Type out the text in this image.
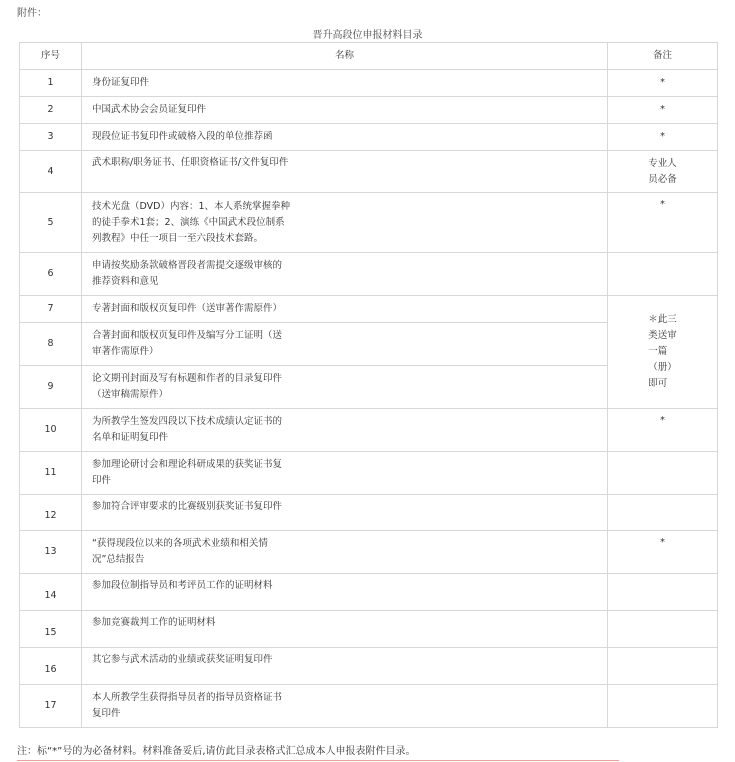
附件：
晋升高段位申报材料目录
序号	名称	备注
1	身份证复印件	*
2	中国武术协会会员证复印件	*
3	现段位证书复印件或破格入段的单位推荐函	*
4	武术职称/职务证书、任职资格证书/文件复印件	专业人
员必备
5	技术光盘（DVD）内容：1、本人系统掌握拳种
的徒手拳术1套；2、演练《中国武术段位制系
列教程》中任一项目一至六段技术套路。	*
6	申请按奖励条款破格晋段者需提交逐级审核的
推荐资料和意见	
7	专著封面和版权页复印件（送审著作需原件）	＊此三
类送审
一篇
（册）
即可
8	合著封面和版权页复印件及编写分工证明（送
审著作需原件）	
9	论文期刊封面及写有标题和作者的目录复印件
（送审稿需原件）	
10	为所教学生签发四段以下技术成绩认定证书的
名单和证明复印件	*
11	参加理论研讨会和理论科研成果的获奖证书复
印件	
12	参加符合评审要求的比赛级别获奖证书复印件	
13	“获得现段位以来的各项武术业绩和相关情
况”总结报告	*
14	参加段位制指导员和考评员工作的证明材料	
15	参加竞赛裁判工作的证明材料	
16	其它参与武术活动的业绩或获奖证明复印件	
17	本人所教学生获得指导员者的指导员资格证书
复印件	
注：标“*”号的为必备材料。材料准备妥后,请仿此目录表格式汇总成本人申报表附件目录。
